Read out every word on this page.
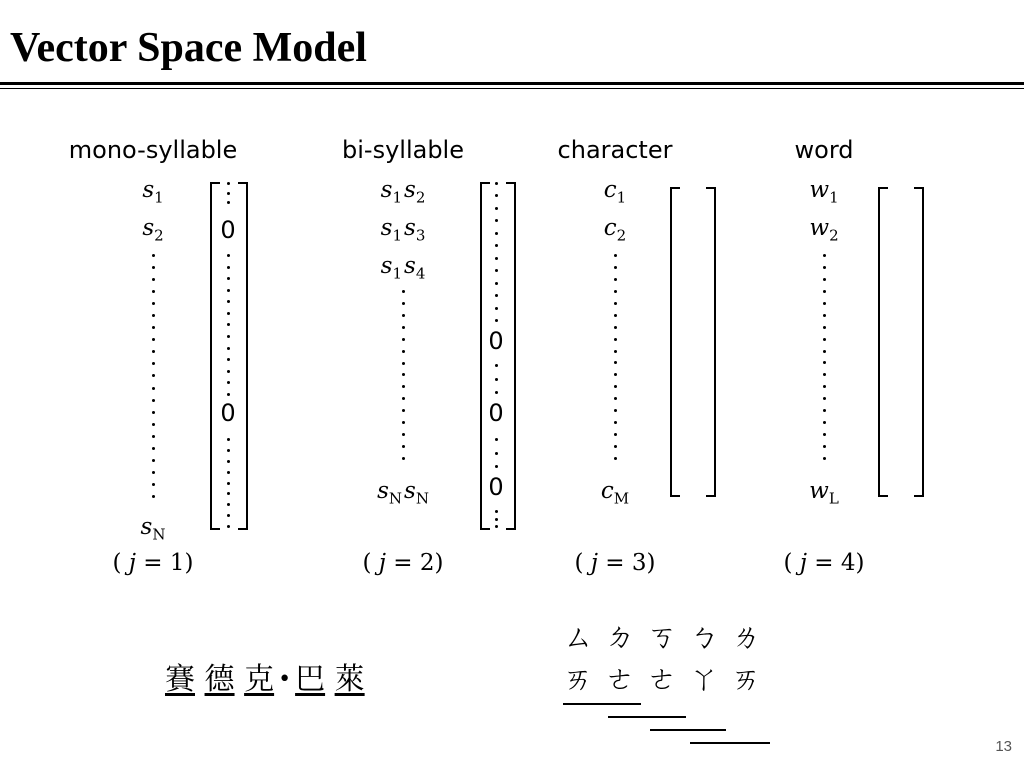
Vector Space Model
mono-syllable	bi-syllable	character	word
$s_1$
$s_2$
$s_N$
0
0
( j = 1)
$s_1s_2$
$s_1s_3$
$s_1s_4$
$s_Ns_N$
0
0
0
( j = 2)
$c_1$
$c_2$
$c_M$
( j = 3)
$w_1$
$w_2$
$w_L$
( j = 4)
賽 德 克 • 巴 萊
ㄙ ㄉ ㄎ ㄅ ㄌ
ㄞ ㄜ ㄜ ㄚ ㄞ
13
